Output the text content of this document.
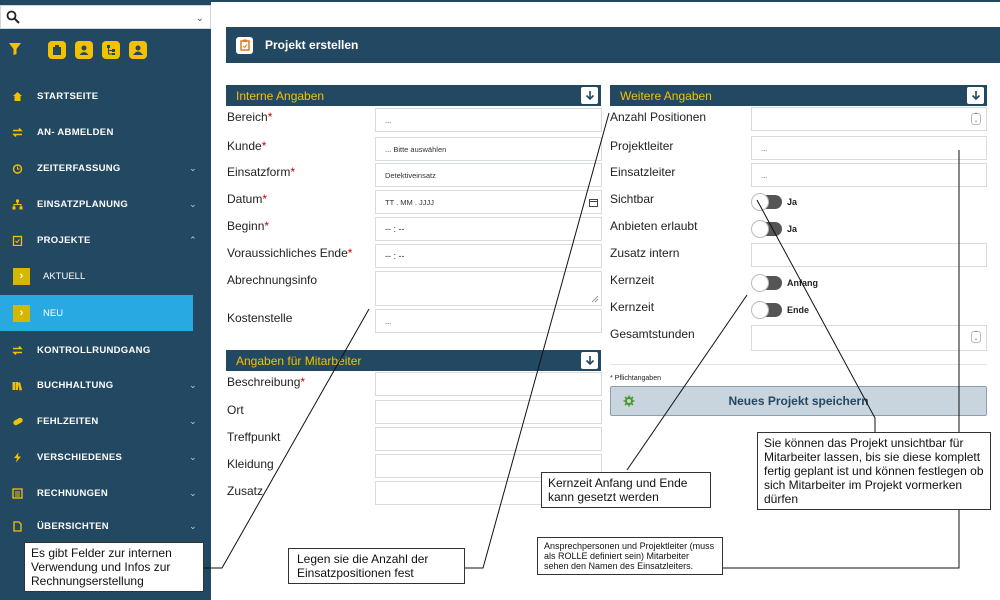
⌄
STARTSEITE
AN- ABMELDEN
ZEITERFASSUNG	⌄
EINSATZPLANUNG	⌄
PROJEKTE	⌃
›	AKTUELL
›	NEU
KONTROLLRUNDGANG
BUCHHALTUNG	⌄
FEHLZEITEN	⌄
VERSCHIEDENES	⌄
RECHNUNGEN	⌄
ÜBERSICHTEN	⌄
Projekt erstellen
Interne Angaben
Bereich*	...
Kunde*	... Bitte auswählen
Einsatzform*	Detektiveinsatz
Datum*	TT . MM . JJJJ
Beginn*	-- : --
Voraussichliches Ende*	-- : --
Abrechnungsinfo
Kostenstelle	...
Angaben für Mitarbeiter
Beschreibung*
Ort
Treffpunkt
Kleidung
Zusatz
Weitere Angaben
Anzahl Positionen	⌃
⌄
Projektleiter	...
Einsatzleiter	...
Sichtbar	Ja
Anbieten erlaubt	Ja
Zusatz intern
Kernzeit	Anfang
Kernzeit	Ende
Gesamtstunden	⌃
⌄
* Pflichtangaben
Neues Projekt speichern
Es gibt Felder zur internen Verwendung und Infos zur Rechnungserstellung
Legen sie die Anzahl der Einsatzpositionen fest
Kernzeit Anfang und Ende kann gesetzt werden
Ansprechpersonen und Projektleiter (muss als ROLLE definiert sein) Mitarbeiter sehen den Namen des Einsatzleiters.
Sie können das Projekt unsichtbar für Mitarbeiter lassen, bis sie diese komplett fertig geplant ist und können festlegen ob sich Mitarbeiter im Projekt vormerken dürfen
